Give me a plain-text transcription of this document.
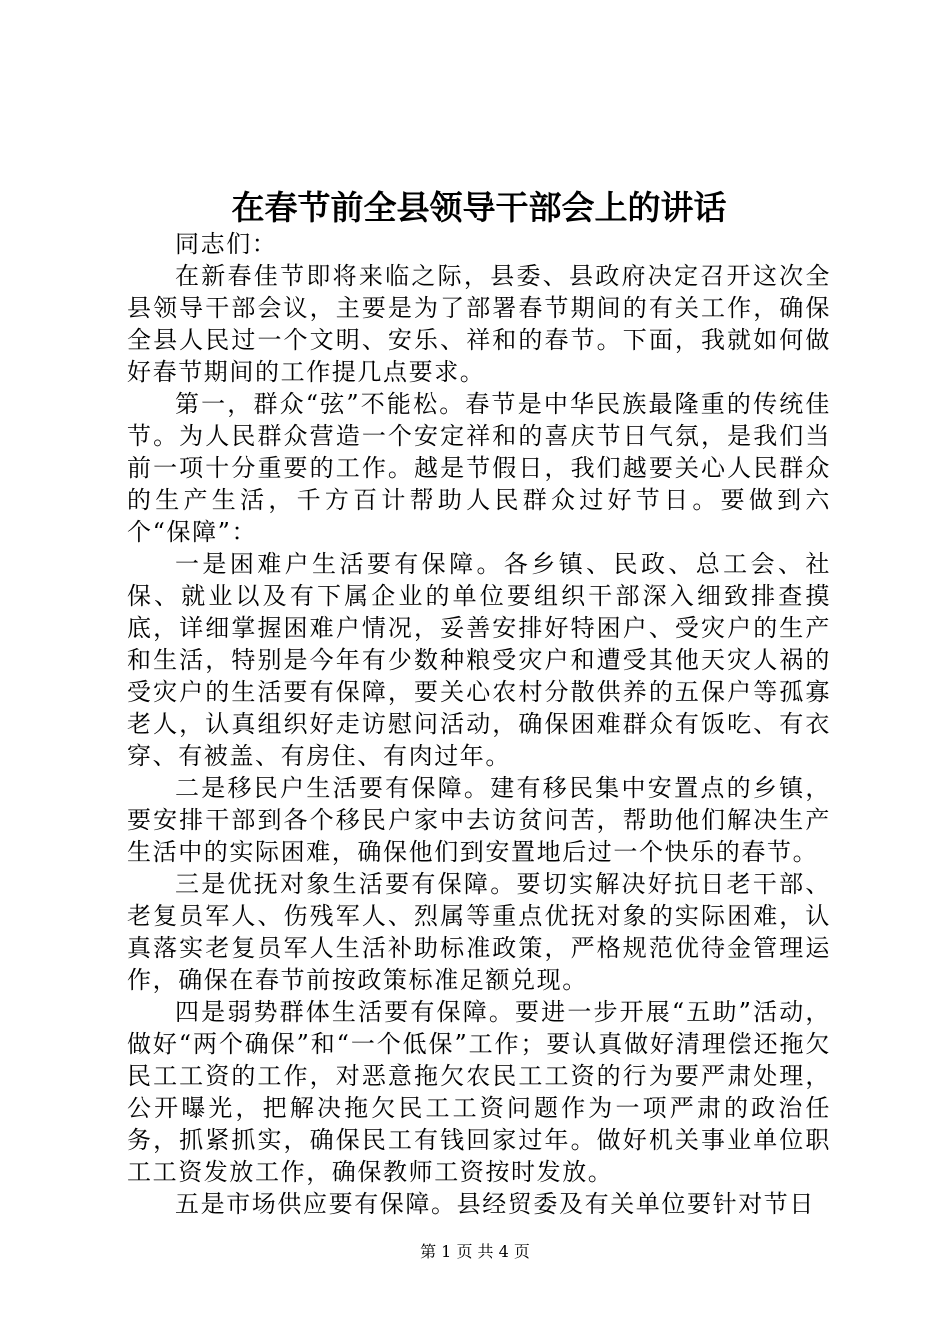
在春节前全县领导干部会上的讲话

同志们：

在新春佳节即将来临之际，县委、县政府决定召开这次全县领导干部会议，主要是为了部署春节期间的有关工作，确保全县人民过一个文明、安乐、祥和的春节。下面，我就如何做好春节期间的工作提几点要求。

第一，群众“弦”不能松。春节是中华民族最隆重的传统佳节。为人民群众营造一个安定祥和的喜庆节日气氛，是我们当前一项十分重要的工作。越是节假日，我们越要关心人民群众的生产生活，千方百计帮助人民群众过好节日。要做到六个“保障”：

一是困难户生活要有保障。各乡镇、民政、总工会、社保、就业以及有下属企业的单位要组织干部深入细致排查摸底，详细掌握困难户情况，妥善安排好特困户、受灾户的生产和生活，特别是今年有少数种粮受灾户和遭受其他天灾人祸的受灾户的生活要有保障，要关心农村分散供养的五保户等孤寡老人，认真组织好走访慰问活动，确保困难群众有饭吃、有衣穿、有被盖、有房住、有肉过年。

二是移民户生活要有保障。建有移民集中安置点的乡镇，要安排干部到各个移民户家中去访贫问苦，帮助他们解决生产生活中的实际困难，确保他们到安置地后过一个快乐的春节。

三是优抚对象生活要有保障。要切实解决好抗日老干部、老复员军人、伤残军人、烈属等重点优抚对象的实际困难，认真落实老复员军人生活补助标准政策，严格规范优待金管理运作，确保在春节前按政策标准足额兑现。

四是弱势群体生活要有保障。要进一步开展“五助”活动，做好“两个确保”和“一个低保”工作；要认真做好清理偿还拖欠民工工资的工作，对恶意拖欠农民工工资的行为要严肃处理，公开曝光，把解决拖欠民工工资问题作为一项严肃的政治任务，抓紧抓实，确保民工有钱回家过年。做好机关事业单位职工工资发放工作，确保教师工资按时发放。

五是市场供应要有保障。县经贸委及有关单位要针对节日

第 1 页 共 4 页
